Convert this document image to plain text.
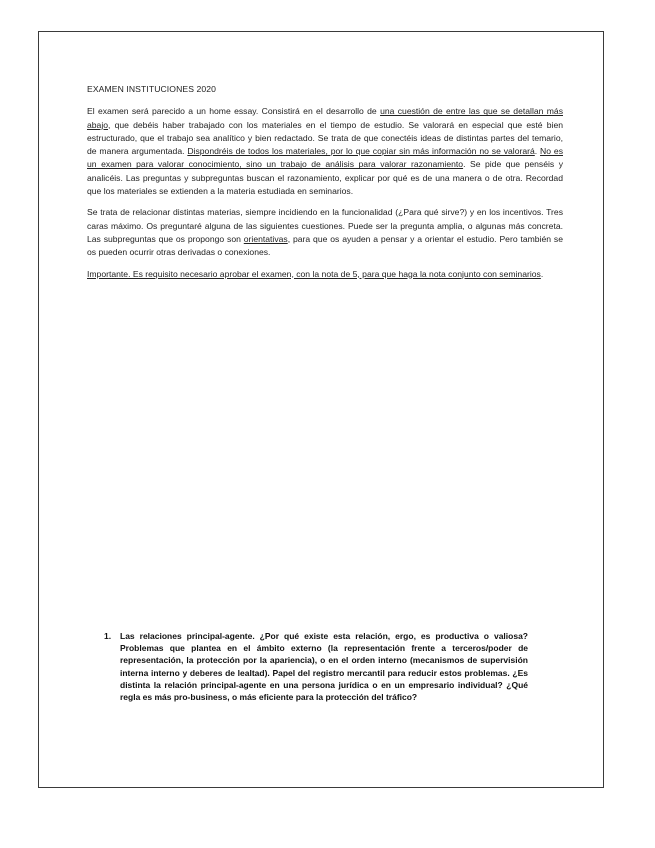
EXAMEN INSTITUCIONES 2020

El examen será parecido a un home essay. Consistirá en el desarrollo de una cuestión de entre las que se detallan más abajo, que debéis haber trabajado con los materiales en el tiempo de estudio. Se valorará en especial que esté bien estructurado, que el trabajo sea analítico y bien redactado. Se trata de que conectéis ideas de distintas partes del temario, de manera argumentada. Dispondréis de todos los materiales, por lo que copiar sin más información no se valorará. No es un examen para valorar conocimiento, sino un trabajo de análisis para valorar razonamiento. Se pide que penséis y analicéis. Las preguntas y subpreguntas buscan el razonamiento, explicar por qué es de una manera o de otra. Recordad que los materiales se extienden a la materia estudiada en seminarios.

Se trata de relacionar distintas materias, siempre incidiendo en la funcionalidad (¿Para qué sirve?) y en los incentivos. Tres caras máximo. Os preguntaré alguna de las siguientes cuestiones. Puede ser la pregunta amplia, o algunas más concreta. Las subpreguntas que os propongo son orientativas, para que os ayuden a pensar y a orientar el estudio. Pero también se os pueden ocurrir otras derivadas o conexiones.

Importante. Es requisito necesario aprobar el examen, con la nota de 5, para que haga la nota conjunto con seminarios.

1. Las relaciones principal-agente. ¿Por qué existe esta relación, ergo, es productiva o valiosa? Problemas que plantea en el ámbito externo (la representación frente a terceros/poder de representación, la protección por la apariencia), o en el orden interno (mecanismos de supervisión interna interno y deberes de lealtad). Papel del registro mercantil para reducir estos problemas. ¿Es distinta la relación principal-agente en una persona jurídica o en un empresario individual? ¿Qué regla es más pro-business, o más eficiente para la protección del tráfico?
